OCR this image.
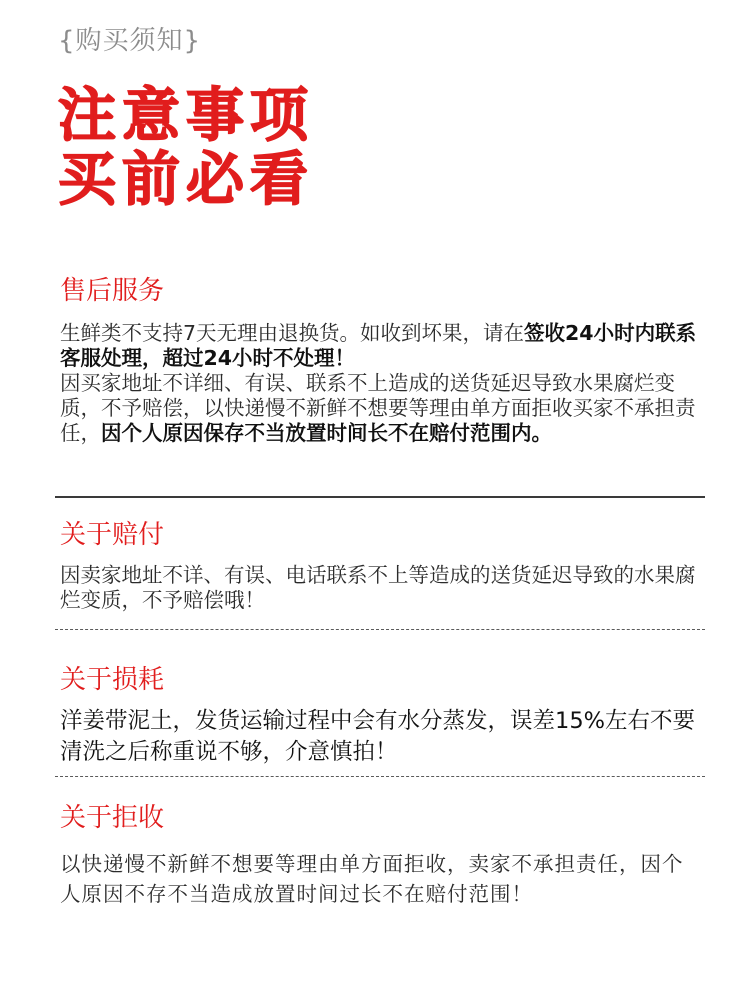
{购买须知}
注意事项
买前必看
售后服务
生鲜类不支持7天无理由退换货。如收到坏果，请在签收24小时内联系客服处理，超过24小时不处理！
因买家地址不详细、有误、联系不上造成的送货延迟导致水果腐烂变质，不予赔偿，以快递慢不新鲜不想要等理由单方面拒收买家不承担责任，因个人原因保存不当放置时间长不在赔付范围内。
关于赔付
因卖家地址不详、有误、电话联系不上等造成的送货延迟导致的水果腐烂变质，不予赔偿哦！
关于损耗
洋姜带泥土，发货运输过程中会有水分蒸发，误差15%左右不要清洗之后称重说不够，介意慎拍！
关于拒收
以快递慢不新鲜不想要等理由单方面拒收，卖家不承担责任，因个人原因不存不当造成放置时间过长不在赔付范围！
